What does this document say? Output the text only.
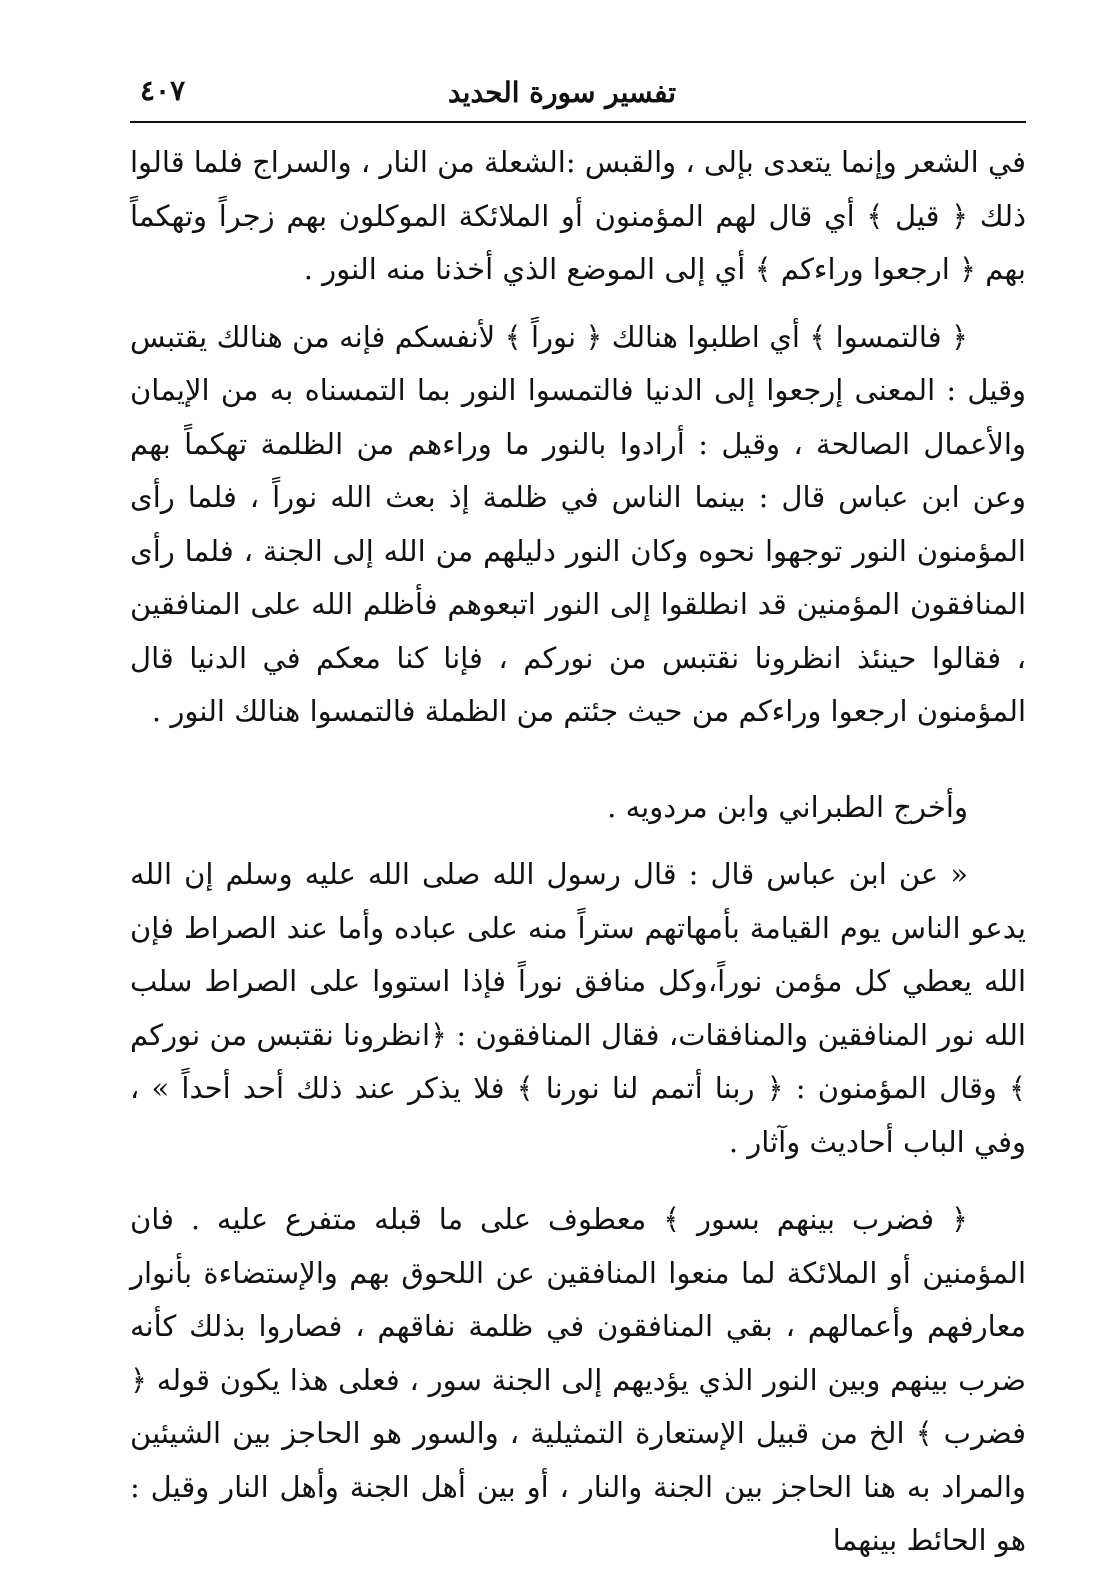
تفسير سورة الحديد
٤٠٧

في الشعر وإنما يتعدى بإلى ، والقبس :الشعلة من النار ، والسراج فلما قالوا ذلك ﴿ قيل ﴾ أي قال لهم المؤمنون أو الملائكة الموكلون بهم زجراً وتهكماً بهم ﴿ ارجعوا وراءكم ﴾ أي إلى الموضع الذي أخذنا منه النور .

﴿ فالتمسوا ﴾ أي اطلبوا هنالك ﴿ نوراً ﴾ لأنفسكم فإنه من هنالك يقتبس وقيل : المعنى إرجعوا إلى الدنيا فالتمسوا النور بما التمسناه به من الإيمان والأعمال الصالحة ، وقيل : أرادوا بالنور ما وراءهم من الظلمة تهكماً بهم وعن ابن عباس قال : بينما الناس في ظلمة إذ بعث الله نوراً ، فلما رأى المؤمنون النور توجهوا نحوه وكان النور دليلهم من الله إلى الجنة ، فلما رأى المنافقون المؤمنين قد انطلقوا إلى النور اتبعوهم فأظلم الله على المنافقين ، فقالوا حينئذ انظرونا نقتبس من نوركم ، فإنا كنا معكم في الدنيا قال المؤمنون ارجعوا وراءكم من حيث جئتم من الظملة فالتمسوا هنالك النور .

وأخرج الطبراني وابن مردويه .

« عن ابن عباس قال : قال رسول الله صلى الله عليه وسلم إن الله يدعو الناس يوم القيامة بأمهاتهم ستراً منه على عباده وأما عند الصراط فإن الله يعطي كل مؤمن نوراً،وكل منافق نوراً فإذا استووا على الصراط سلب الله نور المنافقين والمنافقات، فقال المنافقون : ﴿انظرونا نقتبس من نوركم ﴾ وقال المؤمنون : ﴿ ربنا أتمم لنا نورنا ﴾ فلا يذكر عند ذلك أحد أحداً » ، وفي الباب أحاديث وآثار .

﴿ فضرب بينهم بسور ﴾ معطوف على ما قبله متفرع عليه . فان المؤمنين أو الملائكة لما منعوا المنافقين عن اللحوق بهم والإستضاءة بأنوار معارفهم وأعمالهم ، بقي المنافقون في ظلمة نفاقهم ، فصاروا بذلك كأنه ضرب بينهم وبين النور الذي يؤديهم إلى الجنة سور ، فعلى هذا يكون قوله ﴿ فضرب ﴾ الخ من قبيل الإستعارة التمثيلية ، والسور هو الحاجز بين الشيئين والمراد به هنا الحاجز بين الجنة والنار ، أو بين أهل الجنة وأهل النار وقيل : هو الحائط بينهما
